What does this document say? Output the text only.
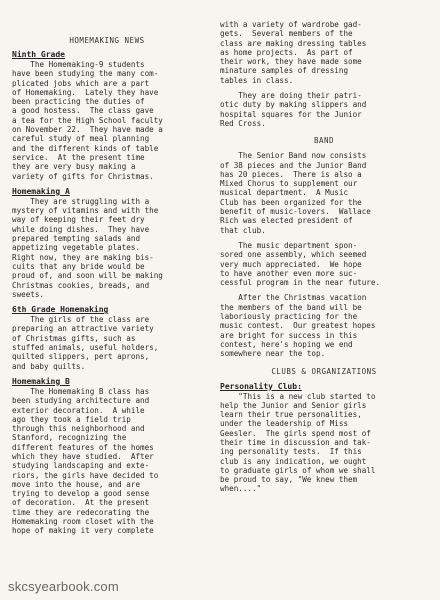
HOMEMAKING NEWS
Ninth Grade
The Homemaking-9 students
have been studying the many com-
plicated jobs which are a part
of Homemaking.  Lately they have
been practicing the duties of
a good hostess.  The class gave
a tea for the High School faculty
on November 22.  They have made a
careful study of meal planning
and the different kinds of table
service.  At the present time
they are very busy making a
variety of gifts for Christmas.
Homemaking A
They are struggling with a
mystery of vitamins and with the
way of keeping their feet dry
while doing dishes.  They have
prepared tempting salads and
appetizing vegetable plates.
Right now, they are making bis-
cuits that any bride would be
proud of, and soon will be making
Christmas cookies, breads, and
sweets.
6th Grade Homemaking
The girls of the class are
preparing an attractive variety
of Christmas gifts, such as
stuffed animals, useful holders,
quilted slippers, pert aprons,
and baby quilts.
Homemaking B
The Homemaking B class has
been studying architecture and
exterior decoration.  A while
ago they took a field trip
through this neighborhood and
Stanford, recognizing the
different features of the homes
which they have studied.  After
studying landscaping and exte-
riors, the girls have decided to
move into the house, and are
trying to develop a good sense
of decoration.  At the present
time they are redecorating the
Homemaking room closet with the
hope of making it very complete
with a variety of wardrobe gad-
gets.  Several members of the
class are making dressing tables
as home projects.  As part of
their work, they have made some
minature samples of dressing
tables in class.
They are doing their patri-
otic duty by making slippers and
hospital squares for the Junior
Red Cross.
BAND
The Senior Band now consists
of 38 pieces and the Junior Band
has 20 pieces.  There is also a
Mixed Chorus to supplement our
musical department.  A Music
Club has been organized for the
benefit of music-lovers.  Wallace
Rich was elected president of
that club.
The music department spon-
sored one assembly, which seemed
very much appreciated.  We hope
to have another even more suc-
cessful program in the near future.
After the Christmas vacation
the members of the band will be
laboriously practicing for the
music contest.  Our greatest hopes
are bright for success in this
contest, here's hoping we end
somewhere near the top.
CLUBS & ORGANIZATIONS
Personality Club:
"This is a new club started to
help the Junior and Senior girls
learn their true personalities,
under the leadership of Miss
Geesler.  The girls spend most of
their time in discussion and tak-
ing personality tests.  If this
club is any indication, we ought
to graduate girls of whom we shall
be proud to say, "We knew them
when...."
skcsyearbook.com
